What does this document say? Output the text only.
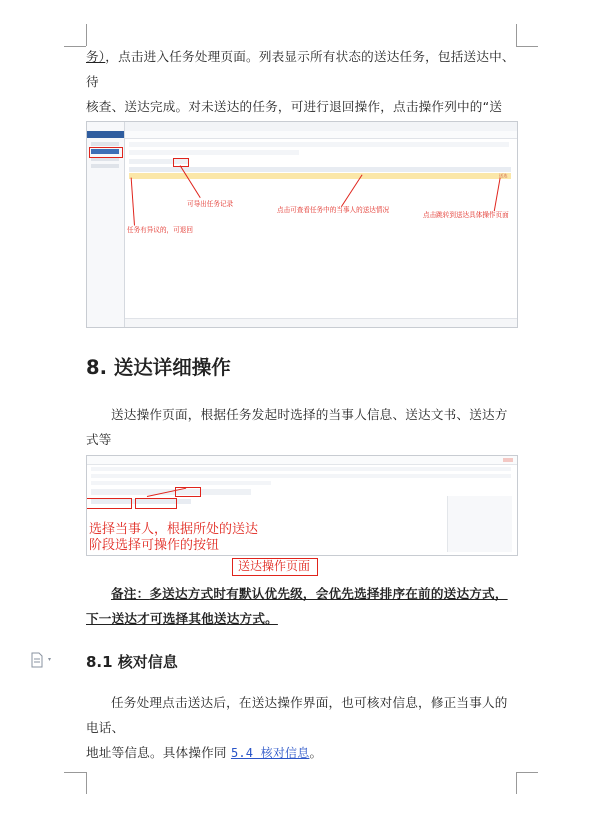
务），点击进入任务处理页面。列表显示所有状态的送达任务，包括送达中、待
核查、送达完成。对未送达的任务，可进行退回操作，点击操作列中的“送
送达
可导出任务记录
点击可查看任务中的当事人的送达情况
点击跳转到送达具体操作页面
任务有异议的，可退回
8. 送达详细操作
送达操作页面，根据任务发起时选择的当事人信息、送达文书、送达方式等
选择当事人，根据所处的送达
阶段选择可操作的按钮
送达操作页面
备注：多送达方式时有默认优先级，会优先选择排序在前的送达方式，
下一送达才可选择其他送达方式。
▾ 8.1 核对信息
任务处理点击送达后，在送达操作界面，也可核对信息，修正当事人的电话、
地址等信息。具体操作同 5.4 核对信息。
